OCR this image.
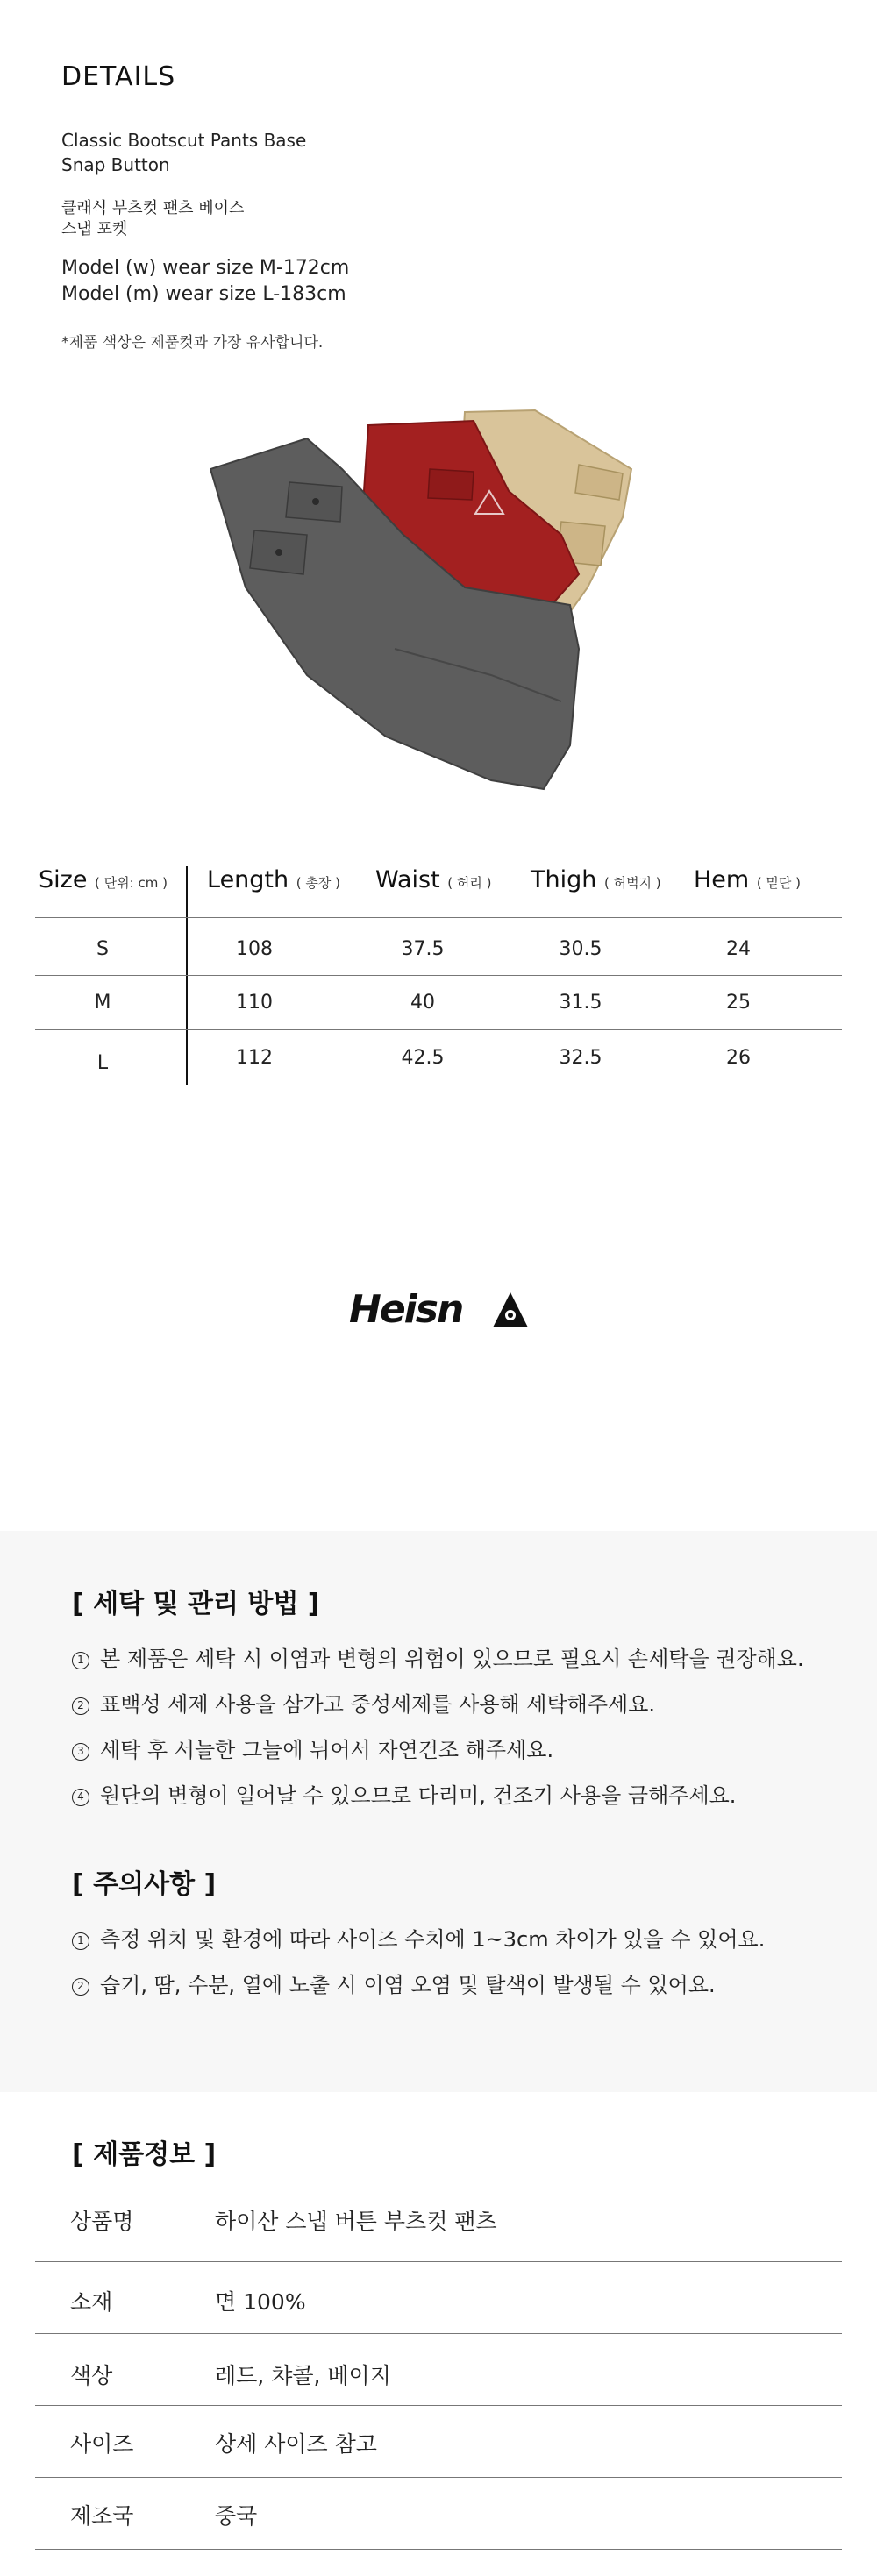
DETAILS
Classic Bootscut Pants Base
Snap Button
클래식 부츠컷 팬츠 베이스
스냅 포켓
Model (w) wear size M-172cm
Model (m) wear size L-183cm
*제품 색상은 제품컷과 가장 유사합니다.
Size ( 단위: cm ) Length ( 총장 ) Waist ( 허리 ) Thigh ( 허벅지 ) Hem ( 밑단 )
S	108	37.5	30.5	24
M	110	40	31.5	25
L	112	42.5	32.5	26
Heisn
[ 세탁 및 관리 방법 ]
1 본 제품은 세탁 시 이염과 변형의 위험이 있으므로 필요시 손세탁을 권장해요.
2 표백성 세제 사용을 삼가고 중성세제를 사용해 세탁해주세요.
3 세탁 후 서늘한 그늘에 뉘어서 자연건조 해주세요.
4 원단의 변형이 일어날 수 있으므로 다리미, 건조기 사용을 금해주세요.
[ 주의사항 ]
1 측정 위치 및 환경에 따라 사이즈 수치에 1~3cm 차이가 있을 수 있어요.
2 습기, 땀, 수분, 열에 노출 시 이염 오염 및 탈색이 발생될 수 있어요.
[ 제품정보 ]
상품명	하이산 스냅 버튼 부츠컷 팬츠
소재	면 100%
색상	레드, 챠콜, 베이지
사이즈	상세 사이즈 참고
제조국	중국
